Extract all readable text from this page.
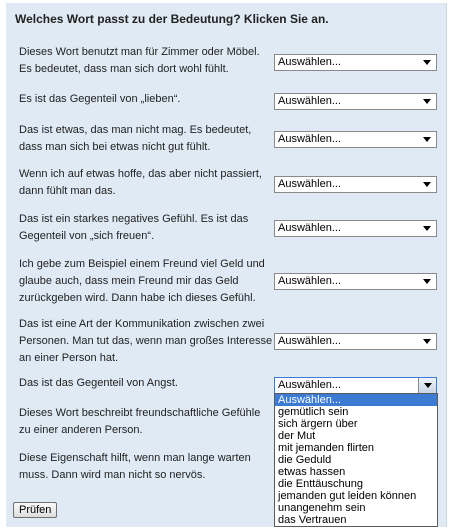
Welches Wort passt zu der Bedeutung? Klicken Sie an.
Dieses Wort benutzt man für Zimmer oder Möbel. Es bedeutet, dass man sich dort wohl fühlt.
Auswählen...
Es ist das Gegenteil von „lieben“.	Auswählen...
Das ist etwas, das man nicht mag. Es bedeutet, dass man sich bei etwas nicht gut fühlt.
Auswählen...
Wenn ich auf etwas hoffe, das aber nicht passiert, dann fühlt man das.
Auswählen...
Das ist ein starkes negatives Gefühl. Es ist das Gegenteil von „sich freuen“.
Auswählen...
Ich gebe zum Beispiel einem Freund viel Geld und glaube auch, dass mein Freund mir das Geld zurückgeben wird. Dann habe ich dieses Gefühl.
Auswählen...
Das ist eine Art der Kommunikation zwischen zwei Personen. Man tut das, wenn man großes Interesse an einer Person hat.
Auswählen...
Das ist das Gegenteil von Angst.	Auswählen...
Dieses Wort beschreibt freundschaftliche Gefühle zu einer anderen Person.
Diese Eigenschaft hilft, wenn man lange warten muss. Dann wird man nicht so nervös.
Auswählen...
gemütlich sein
sich ärgern über
der Mut
mit jemanden flirten
die Geduld
etwas hassen
die Enttäuschung
jemanden gut leiden können
unangenehm sein
das Vertrauen
Prüfen
